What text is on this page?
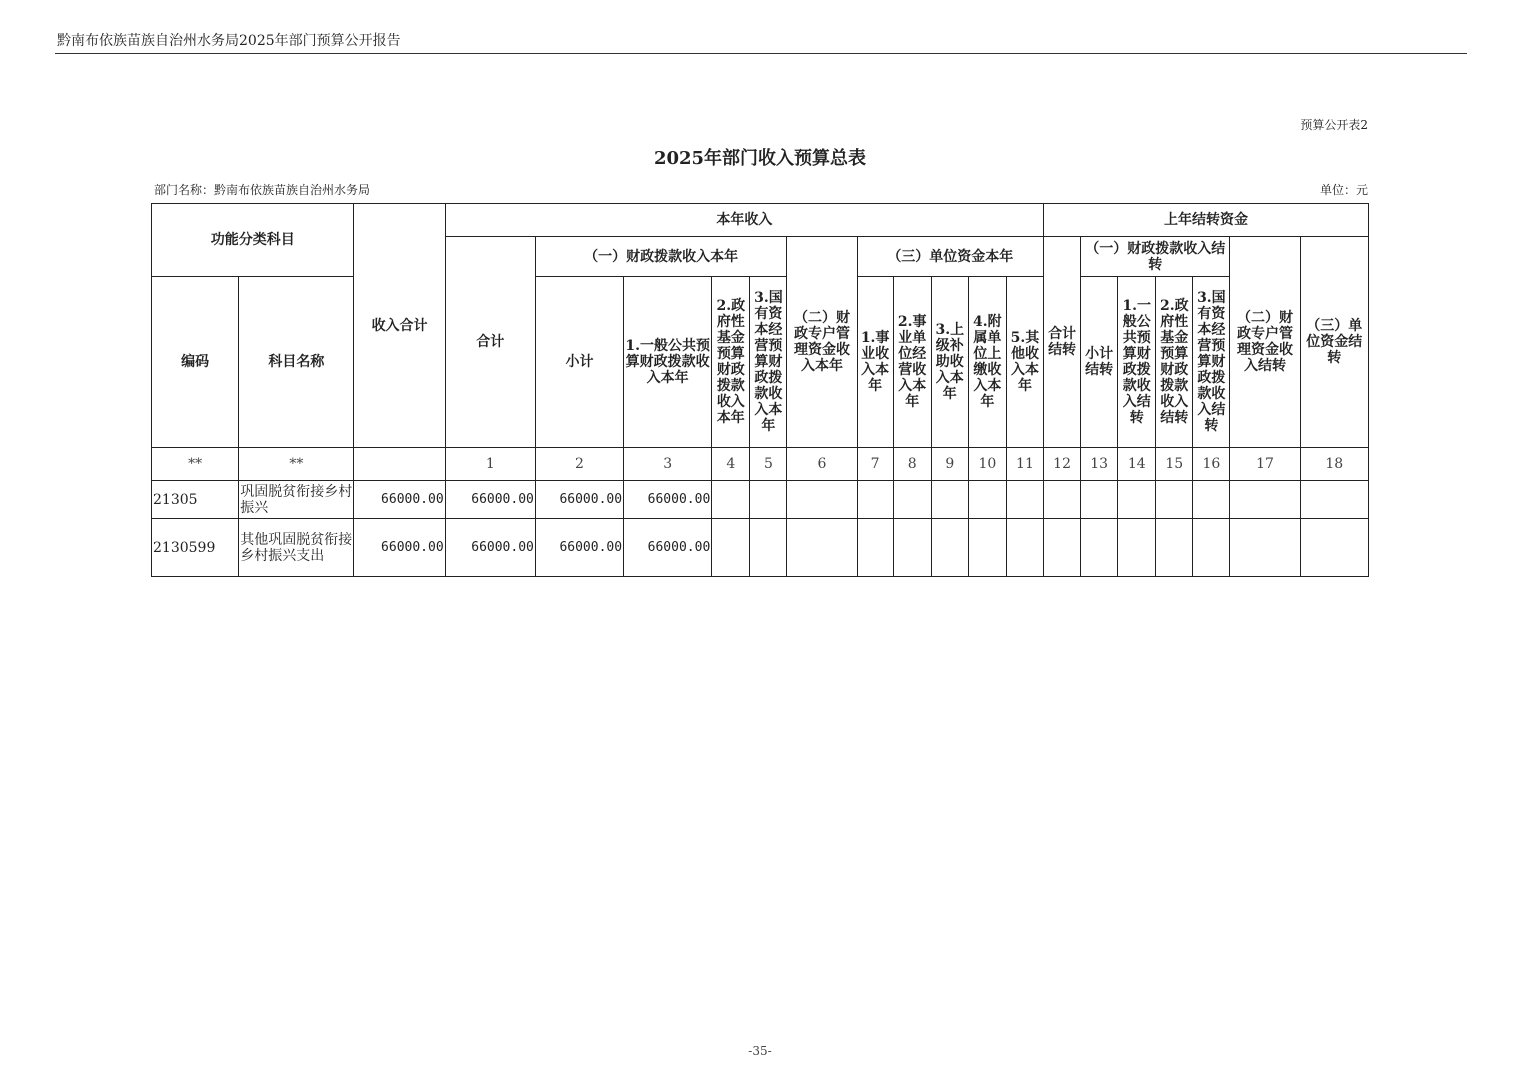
黔南布依族苗族自治州水务局2025年部门预算公开报告
预算公开表2
2025年部门收入预算总表
部门名称：黔南布依族苗族自治州水务局	单位：元
功能分类科目		收入合计	本年收入											上年结转资金						
			合计	（一）财政拨款收入本年				（二）财政专户管理资金收入本年	（三）单位资金本年					合计结转	（一）财政拨款收入结转				（二）财政专户管理资金收入结转	（三）单位资金结转
编码	科目名称			小计	1.一般公共预算财政拨款收入本年	2.政府性基金预算财政拨款收入本年	3.国有资本经营预算财政拨款收入本年		1.事业收入本年	2.事业单位经营收入本年	3.上级补助收入本年	4.附属单位上缴收入本年	5.其他收入本年		小计结转	1.一般公共预算财政拨款收入结转	2.政府性基金预算财政拨款收入结转	3.国有资本经营预算财政拨款收入结转		
**	**		1	2	3	4	5	6	7	8	9	10	11	12	13	14	15	16	17	18
21305	巩固脱贫衔接乡村振兴	66000.00	66000.00	66000.00	66000.00															
2130599	其他巩固脱贫衔接乡村振兴支出	66000.00	66000.00	66000.00	66000.00															
-35-
